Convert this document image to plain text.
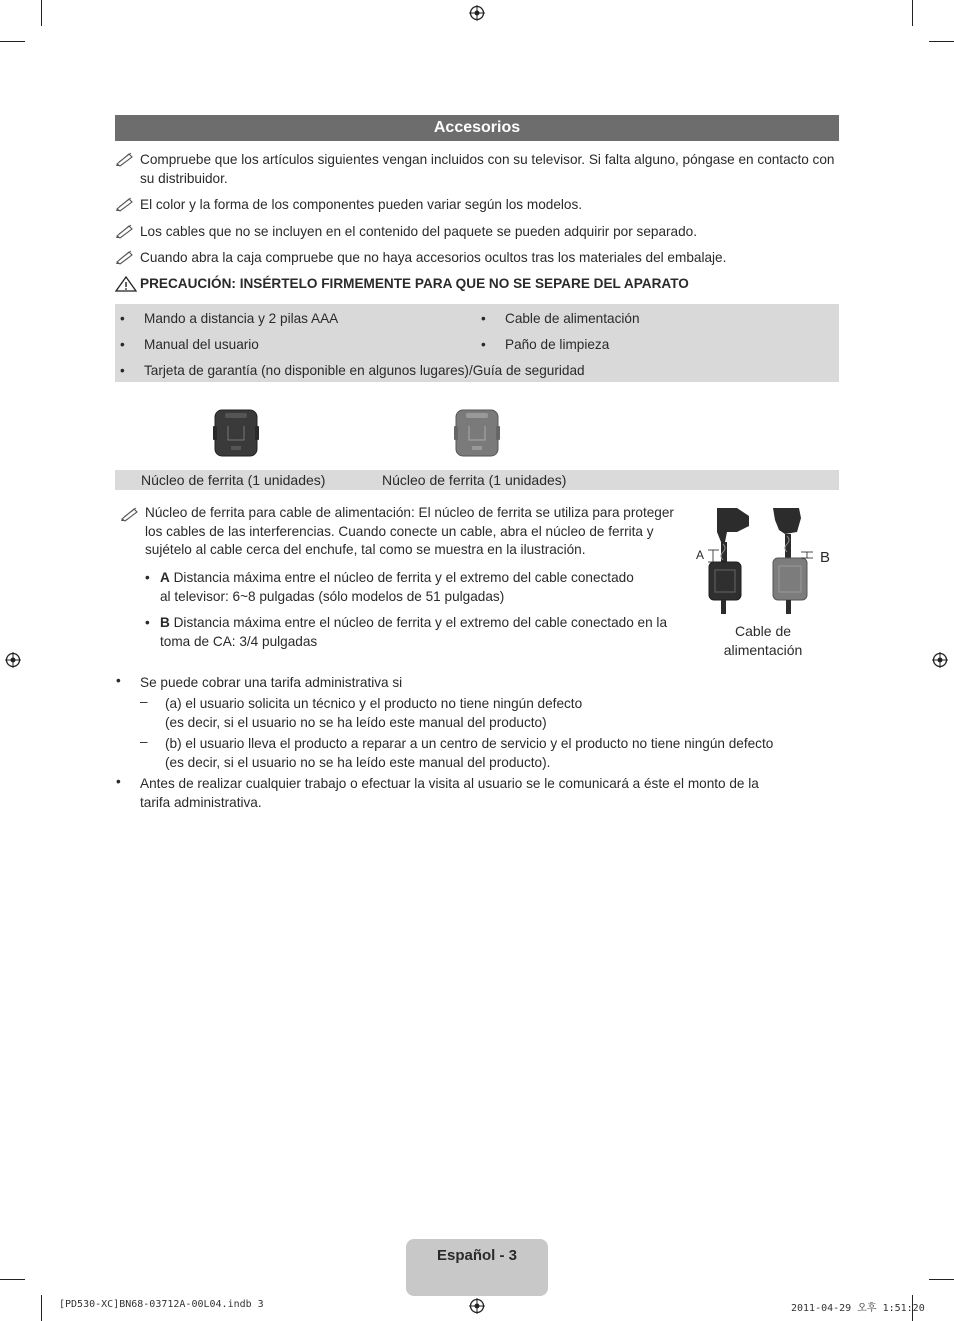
Accesorios
Compruebe que los artículos siguientes vengan incluidos con su televisor. Si falta alguno, póngase en contacto con su distribuidor.
El color y la forma de los componentes pueden variar según los modelos.
Los cables que no se incluyen en el contenido del paquete se pueden adquirir por separado.
Cuando abra la caja compruebe que no haya accesorios ocultos tras los materiales del embalaje.
PRECAUCIÓN: INSÉRTELO FIRMEMENTE PARA QUE NO SE SEPARE DEL APARATO
• Mando a distancia y 2 pilas AAA	• Cable de alimentación
• Manual del usuario	• Paño de limpieza
• Tarjeta de garantía (no disponible en algunos lugares)/Guía de seguridad
Núcleo de ferrita (1 unidades)	Núcleo de ferrita (1 unidades)
Núcleo de ferrita para cable de alimentación: El núcleo de ferrita se utiliza para proteger los cables de las interferencias. Cuando conecte un cable, abra el núcleo de ferrita y sujételo al cable cerca del enchufe, tal como se muestra en la ilustración.
• A Distancia máxima entre el núcleo de ferrita y el extremo del cable conectado al televisor: 6~8 pulgadas (sólo modelos de 51 pulgadas)
• B Distancia máxima entre el núcleo de ferrita y el extremo del cable conectado en la toma de CA: 3/4 pulgadas
A	B
Cable de
alimentación
• Se puede cobrar una tarifa administrativa si
– (a) el usuario solicita un técnico y el producto no tiene ningún defecto
(es decir, si el usuario no se ha leído este manual del producto)
– (b) el usuario lleva el producto a reparar a un centro de servicio y el producto no tiene ningún defecto
(es decir, si el usuario no se ha leído este manual del producto).
• Antes de realizar cualquier trabajo o efectuar la visita al usuario se le comunicará a éste el monto de la tarifa administrativa.
Español - 3
[PD530-XC]BN68-03712A-00L04.indb 3	2011-04-29 오후 1:51:20
